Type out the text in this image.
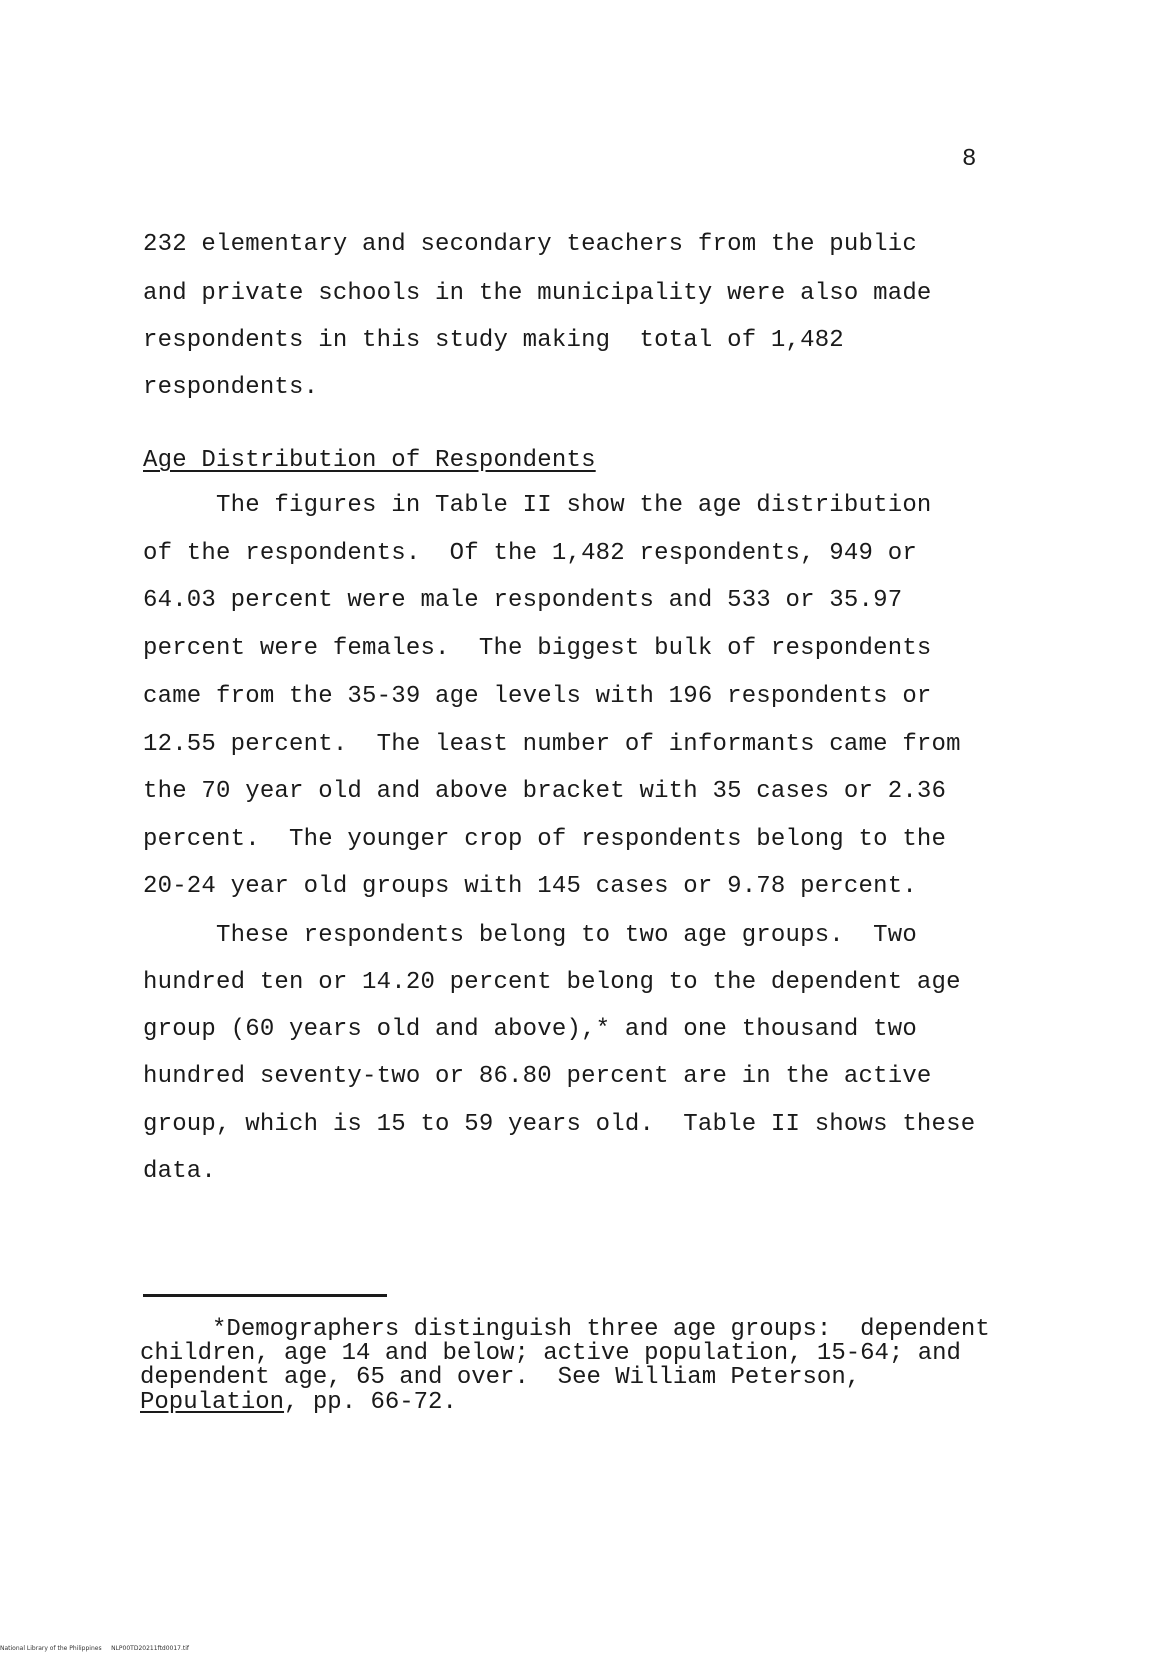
8
232 elementary and secondary teachers from the public
and private schools in the municipality were also made
respondents in this study making  total of 1,482
respondents.
Age Distribution of Respondents
The figures in Table II show the age distribution
of the respondents.  Of the 1,482 respondents, 949 or
64.03 percent were male respondents and 533 or 35.97
percent were females.  The biggest bulk of respondents
came from the 35-39 age levels with 196 respondents or
12.55 percent.  The least number of informants came from
the 70 year old and above bracket with 35 cases or 2.36
percent.  The younger crop of respondents belong to the
20-24 year old groups with 145 cases or 9.78 percent.
These respondents belong to two age groups.  Two
hundred ten or 14.20 percent belong to the dependent age
group (60 years old and above),* and one thousand two
hundred seventy-two or 86.80 percent are in the active
group, which is 15 to 59 years old.  Table II shows these
data.
*Demographers distinguish three age groups:  dependent
children, age 14 and below; active population, 15-64; and
dependent age, 65 and over.  See William Peterson,
Population, pp. 66-72.
National Library of the Philippines     NLP00TD20211ftd0017.tif
